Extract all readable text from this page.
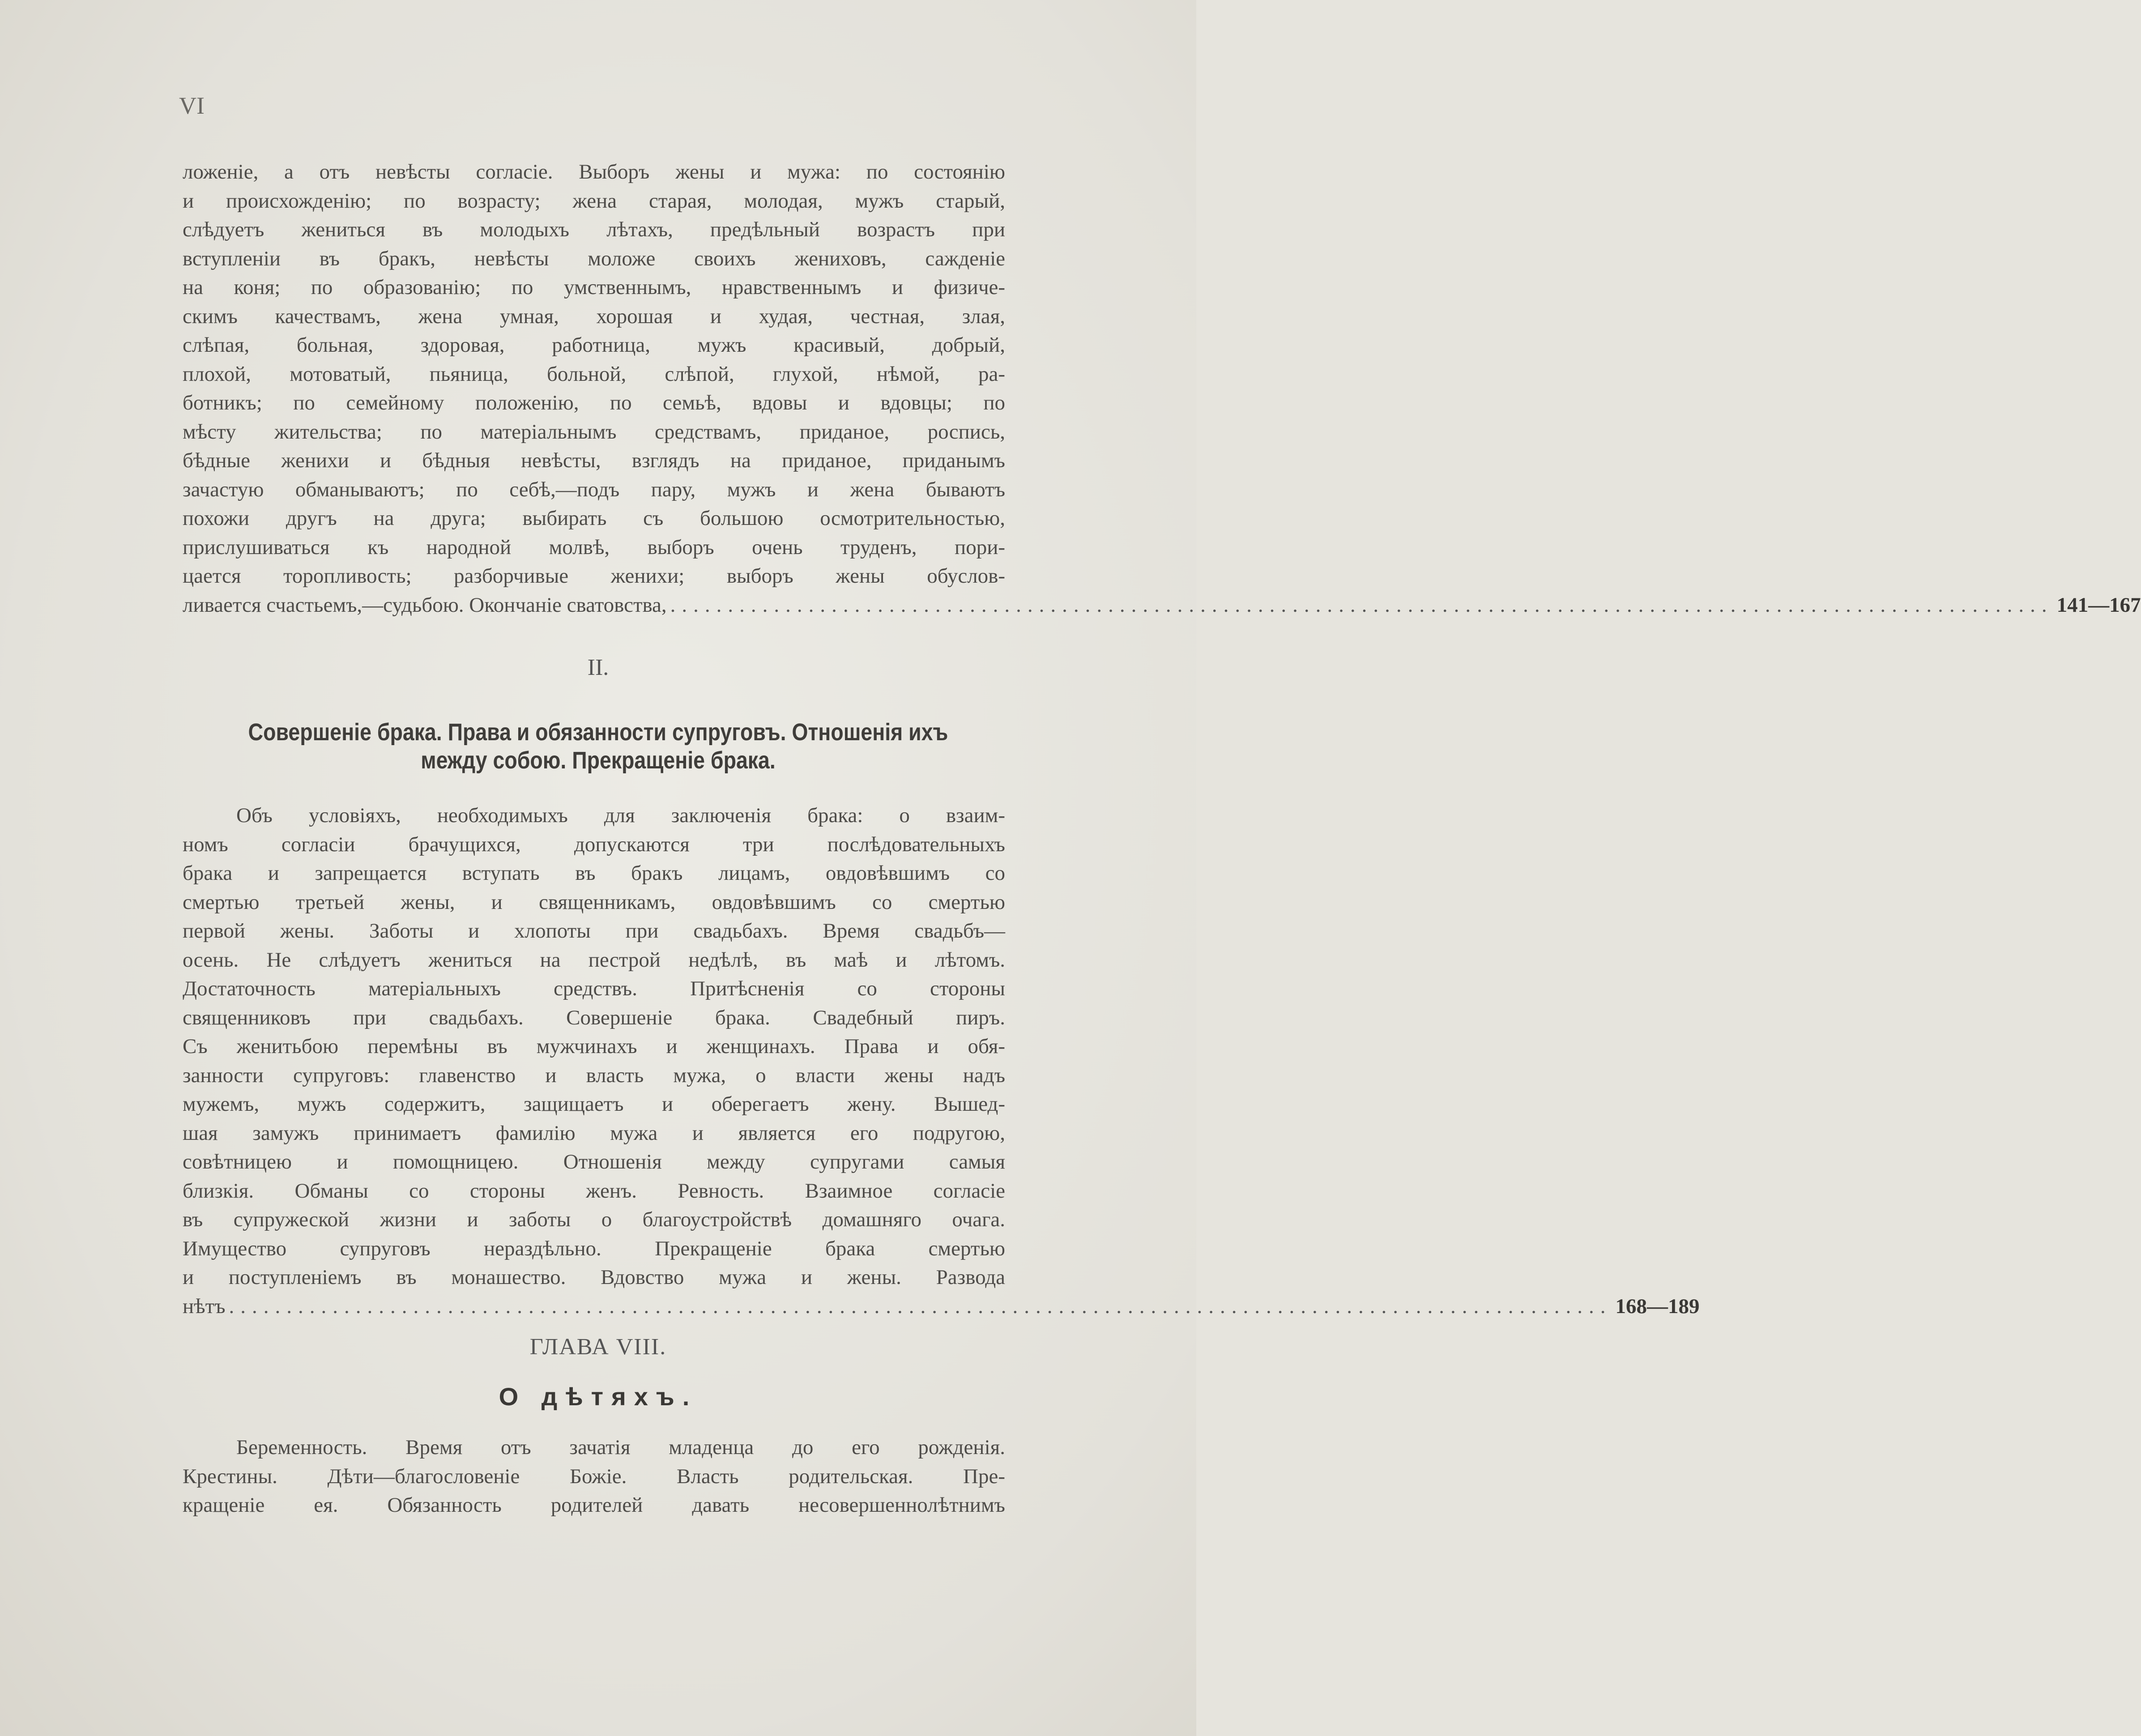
VI
ложеніе, а отъ невѣсты согласіе. Выборъ жены и мужа: по состоянію
и происхожденію; по возрасту; жена старая, молодая, мужъ старый,
слѣдуетъ жениться въ молодыхъ лѣтахъ, предѣльный возрастъ при
вступленіи въ бракъ, невѣсты моложе своихъ жениховъ, сажденіе
на коня; по образованію; по умственнымъ, нравственнымъ и физиче-
скимъ качествамъ, жена умная, хорошая и худая, честная, злая,
слѣпая, больная, здоровая, работница, мужъ красивый, добрый,
плохой, мотоватый, пьяница, больной, слѣпой, глухой, нѣмой, ра-
ботникъ; по семейному положенію, по семьѣ, вдовы и вдовцы; по
мѣсту жительства; по матеріальнымъ средствамъ, приданое, роспись,
бѣдные женихи и бѣдныя невѣсты, взглядъ на приданое, приданымъ
зачастую обманываютъ; по себѣ,—подъ пару, мужъ и жена бываютъ
похожи другъ на друга; выбирать съ большою осмотрительностью,
прислушиваться къ народной молвѣ, выборъ очень труденъ, пори-
цается торопливость; разборчивые женихи; выборъ жены обуслов-
ливается счастьемъ,—судьбою. Окончаніе сватовства, ........................................................................................................................ 141—167
II.
Совершеніе брака. Права и обязанности супруговъ. Отношенія ихъ
между собою. Прекращеніе брака.
Объ условіяхъ, необходимыхъ для заключенія брака: о взаим-
номъ согласіи брачущихся, допускаются три послѣдовательныхъ
брака и запрещается вступать въ бракъ лицамъ, овдовѣвшимъ со
смертью третьей жены, и священникамъ, овдовѣвшимъ со смертью
первой жены. Заботы и хлопоты при свадьбахъ. Время свадьбъ—
осень. Не слѣдуетъ жениться на пестрой недѣлѣ, въ маѣ и лѣтомъ.
Достаточность матеріальныхъ средствъ. Притѣсненія со стороны
священниковъ при свадьбахъ. Совершеніе брака. Свадебный пиръ.
Съ женитьбою перемѣны въ мужчинахъ и женщинахъ. Права и обя-
занности супруговъ: главенство и власть мужа, о власти жены надъ
мужемъ, мужъ содержитъ, защищаетъ и оберегаетъ жену. Вышед-
шая замужъ принимаетъ фамилію мужа и является его подругою,
совѣтницею и помощницею. Отношенія между супругами самыя
близкія. Обманы со стороны женъ. Ревность. Взаимное согласіе
въ супружеской жизни и заботы о благоустройствѣ домашняго очага.
Имущество супруговъ нераздѣльно. Прекращеніе брака смертью
и поступленіемъ въ монашество. Вдовство мужа и жены. Развода
нѣтъ ........................................................................................................................ 168—189
ГЛАВА VIII.
О дѣтяхъ.
Беременность. Время отъ зачатія младенца до его рожденія.
Крестины. Дѣти—благословеніе Божіе. Власть родительская. Пре-
кращеніе ея. Обязанность родителей давать несовершеннолѣтнимъ
